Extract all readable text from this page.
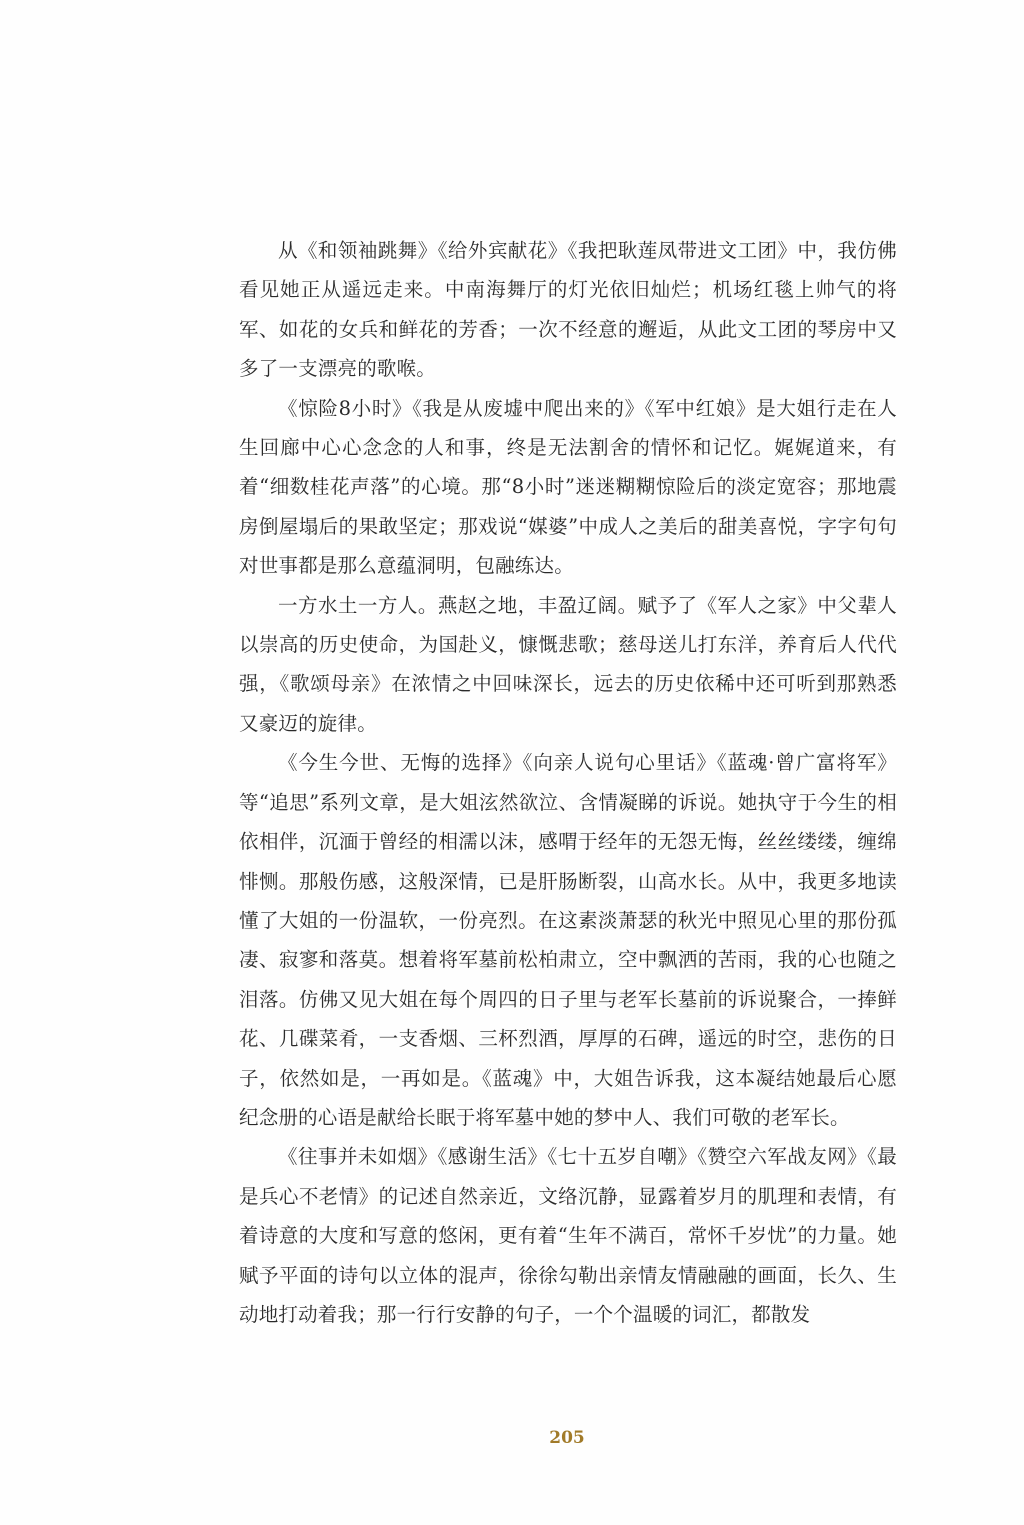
从《和领袖跳舞》《给外宾献花》《我把耿莲凤带进文工团》中，我仿佛看见她正从遥远走来。中南海舞厅的灯光依旧灿烂；机场红毯上帅气的将军、如花的女兵和鲜花的芳香；一次不经意的邂逅，从此文工团的琴房中又多了一支漂亮的歌喉。

《惊险8小时》《我是从废墟中爬出来的》《军中红娘》是大姐行走在人生回廊中心心念念的人和事，终是无法割舍的情怀和记忆。娓娓道来，有着“细数桂花声落”的心境。那“8小时”迷迷糊糊惊险后的淡定宽容；那地震房倒屋塌后的果敢坚定；那戏说“媒婆”中成人之美后的甜美喜悦，字字句句对世事都是那么意蕴洞明，包融练达。

一方水土一方人。燕赵之地，丰盈辽阔。赋予了《军人之家》中父辈人以崇高的历史使命，为国赴义，慷慨悲歌；慈母送儿打东洋，养育后人代代强，《歌颂母亲》在浓情之中回味深长，远去的历史依稀中还可听到那熟悉又豪迈的旋律。

《今生今世、无悔的选择》《向亲人说句心里话》《蓝魂·曾广富将军》等“追思”系列文章，是大姐泫然欲泣、含情凝睇的诉说。她执守于今生的相依相伴，沉湎于曾经的相濡以沫，感喟于经年的无怨无悔，丝丝缕缕，缠绵悱恻。那般伤感，这般深情，已是肝肠断裂，山高水长。从中，我更多地读懂了大姐的一份温软，一份亮烈。在这素淡萧瑟的秋光中照见心里的那份孤凄、寂寥和落莫。想着将军墓前松柏肃立，空中飘洒的苦雨，我的心也随之泪落。仿佛又见大姐在每个周四的日子里与老军长墓前的诉说聚合，一捧鲜花、几碟菜肴，一支香烟、三杯烈酒，厚厚的石碑，遥远的时空，悲伤的日子，依然如是，一再如是。《蓝魂》中，大姐告诉我，这本凝结她最后心愿纪念册的心语是献给长眠于将军墓中她的梦中人、我们可敬的老军长。

《往事并未如烟》《感谢生活》《七十五岁自嘲》《赞空六军战友网》《最是兵心不老情》的记述自然亲近，文络沉静，显露着岁月的肌理和表情，有着诗意的大度和写意的悠闲，更有着“生年不满百，常怀千岁忧”的力量。她赋予平面的诗句以立体的混声，徐徐勾勒出亲情友情融融的画面，长久、生动地打动着我；那一行行安静的句子，一个个温暖的词汇，都散发

205
